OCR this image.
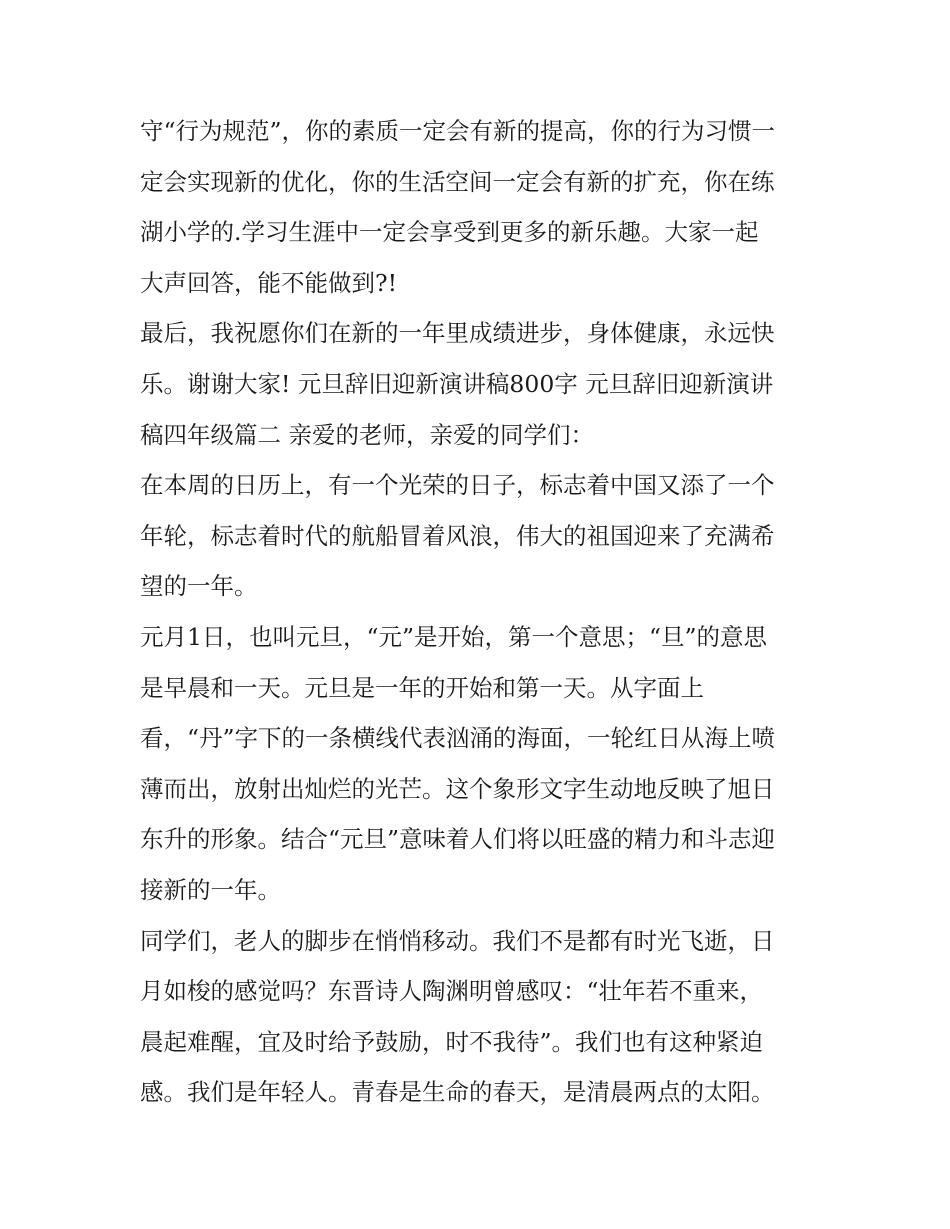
守“行为规范”，你的素质一定会有新的提高，你的行为习惯一
定会实现新的优化，你的生活空间一定会有新的扩充，你在练
湖小学的.学习生涯中一定会享受到更多的新乐趣。大家一起
大声回答，能不能做到?!
最后，我祝愿你们在新的一年里成绩进步，身体健康，永远快
乐。谢谢大家! 元旦辞旧迎新演讲稿800字 元旦辞旧迎新演讲
稿四年级篇二 亲爱的老师，亲爱的同学们：
在本周的日历上，有一个光荣的日子，标志着中国又添了一个
年轮，标志着时代的航船冒着风浪，伟大的祖国迎来了充满希
望的一年。
元月1日，也叫元旦，“元”是开始，第一个意思；“旦”的意思
是早晨和一天。元旦是一年的开始和第一天。从字面上
看，“丹”字下的一条横线代表汹涌的海面，一轮红日从海上喷
薄而出，放射出灿烂的光芒。这个象形文字生动地反映了旭日
东升的形象。结合“元旦”意味着人们将以旺盛的精力和斗志迎
接新的一年。
同学们，老人的脚步在悄悄移动。我们不是都有时光飞逝，日
月如梭的感觉吗？东晋诗人陶渊明曾感叹：“壮年若不重来，
晨起难醒，宜及时给予鼓励，时不我待”。我们也有这种紧迫
感。我们是年轻人。青春是生命的春天，是清晨两点的太阳。
